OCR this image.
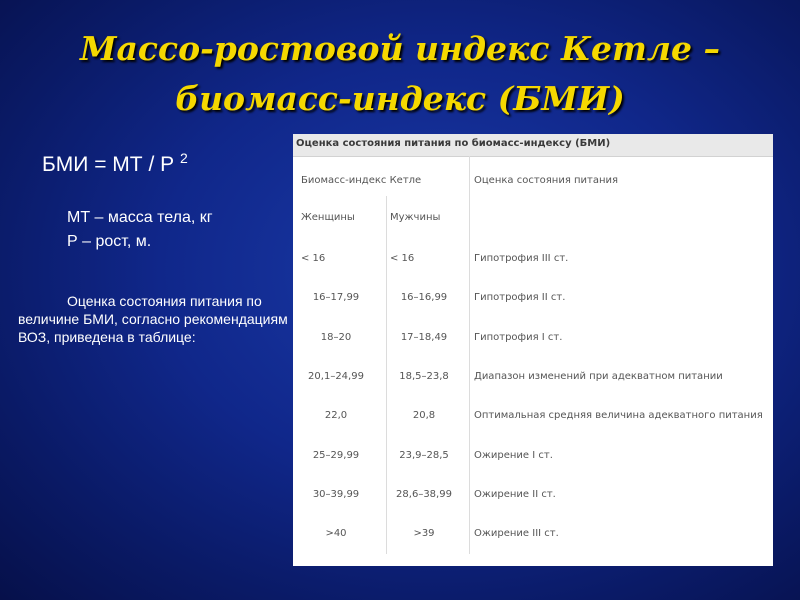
Массо-ростовой индекс Кетле – биомасс-индекс (БМИ)
БМИ = МТ / Р $^2$
МТ – масса тела, кг
Р – рост, м.
Оценка состояния питания по
величине БМИ, согласно рекомендациям
ВОЗ, приведена в таблице:
Оценка состояния питания по биомасс-индексу (БМИ)
Биомасс-индекс Кетле	Оценка состояния питания
Женщины	Мужчины
< 16	< 16	Гипотрофия III ст.
16–17,99	16–16,99	Гипотрофия II ст.
18–20	17–18,49	Гипотрофия I ст.
20,1–24,99	18,5–23,8	Диапазон изменений при адекватном питании
22,0	20,8	Оптимальная средняя величина адекватного питания
25–29,99	23,9–28,5	Ожирение I ст.
30–39,99	28,6–38,99	Ожирение II ст.
>40	>39	Ожирение III ст.
